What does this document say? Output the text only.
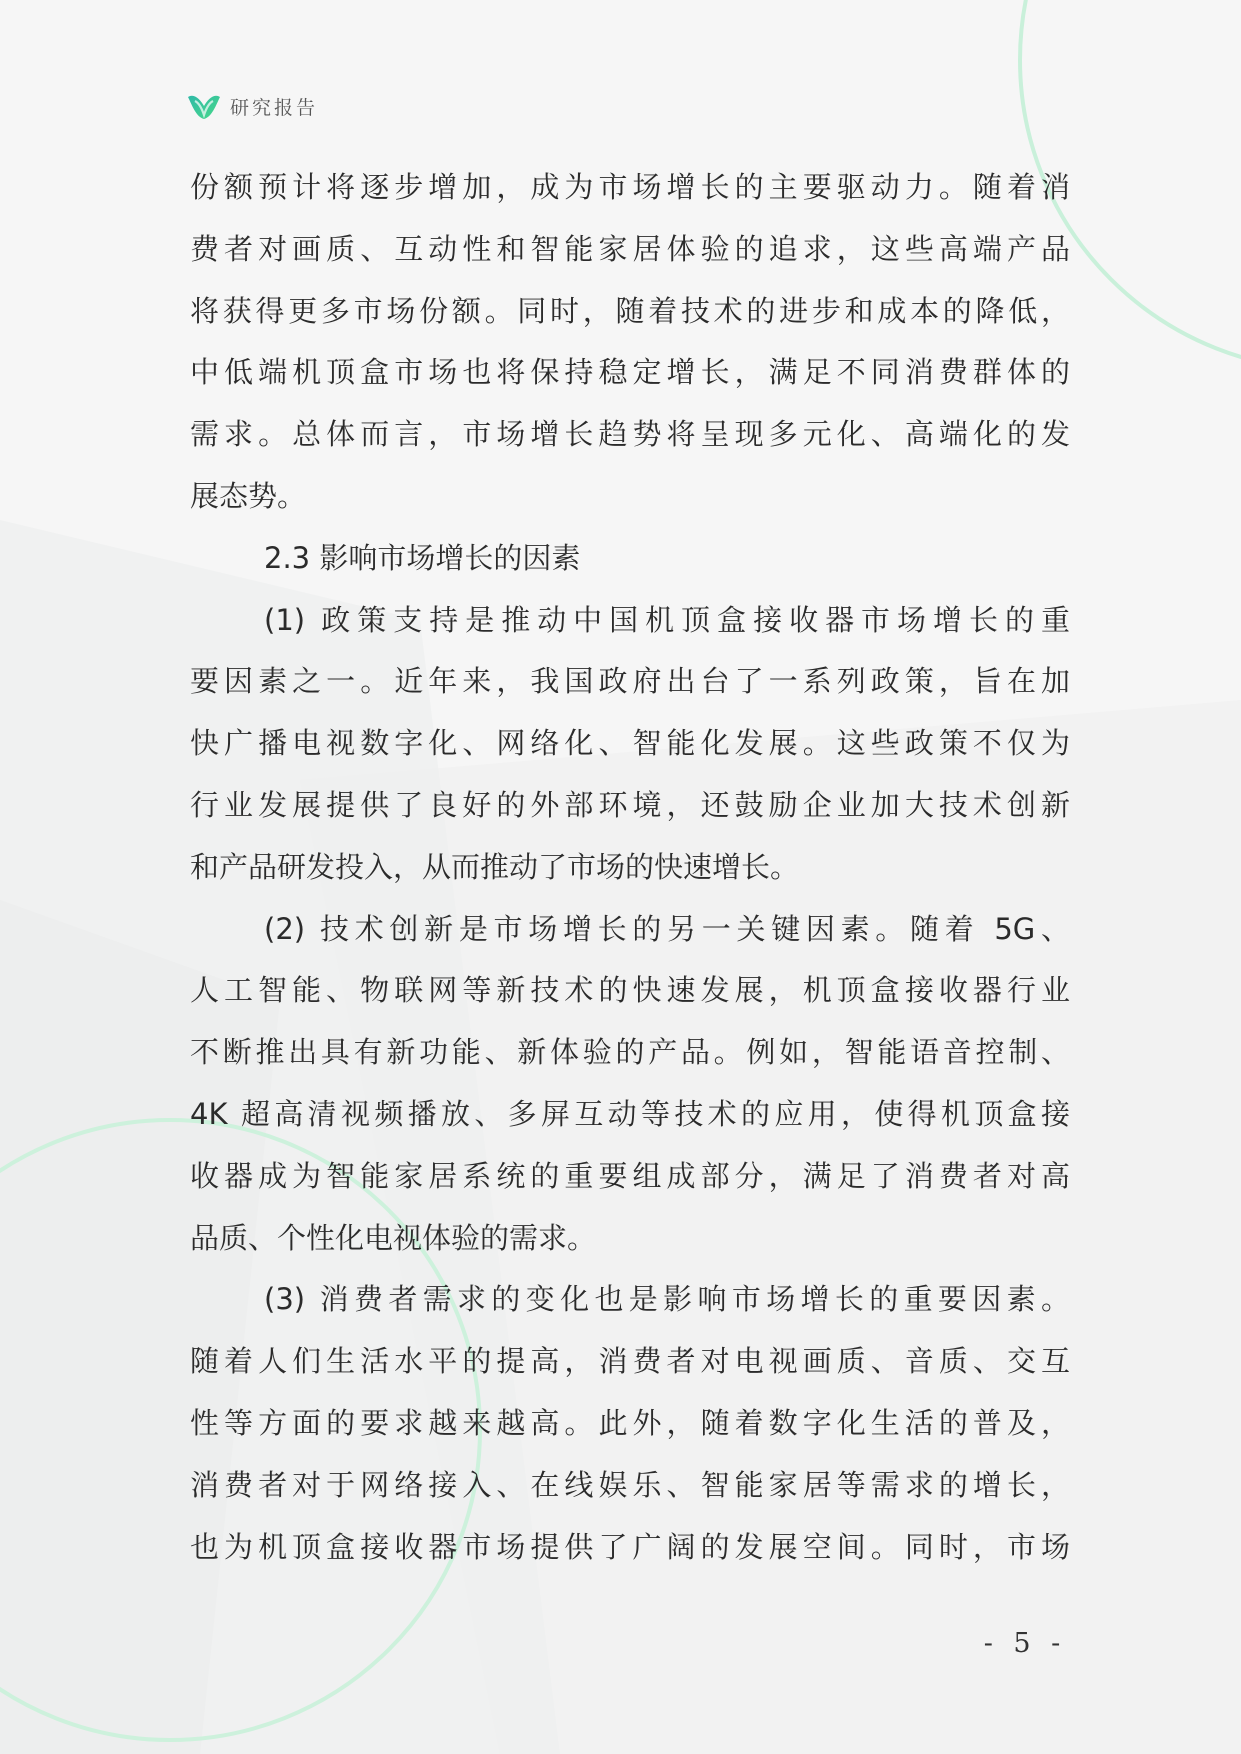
研究报告
份额预计将逐步增加，成为市场增长的主要驱动力。随着消
费者对画质、互动性和智能家居体验的追求，这些高端产品
将获得更多市场份额。同时，随着技术的进步和成本的降低，
中低端机顶盒市场也将保持稳定增长，满足不同消费群体的
需求。总体而言，市场增长趋势将呈现多元化、高端化的发
展态势。
2.3 影响市场增长的因素
(1) 政策支持是推动中国机顶盒接收器市场增长的重
要因素之一。近年来，我国政府出台了一系列政策，旨在加
快广播电视数字化、网络化、智能化发展。这些政策不仅为
行业发展提供了良好的外部环境，还鼓励企业加大技术创新
和产品研发投入，从而推动了市场的快速增长。
(2) 技术创新是市场增长的另一关键因素。随着 5G、
人工智能、物联网等新技术的快速发展，机顶盒接收器行业
不断推出具有新功能、新体验的产品。例如，智能语音控制、
4K 超高清视频播放、多屏互动等技术的应用，使得机顶盒接
收器成为智能家居系统的重要组成部分，满足了消费者对高
品质、个性化电视体验的需求。
(3) 消费者需求的变化也是影响市场增长的重要因素。
随着人们生活水平的提高，消费者对电视画质、音质、交互
性等方面的要求越来越高。此外，随着数字化生活的普及，
消费者对于网络接入、在线娱乐、智能家居等需求的增长，
也为机顶盒接收器市场提供了广阔的发展空间。同时，市场
- 5 -
